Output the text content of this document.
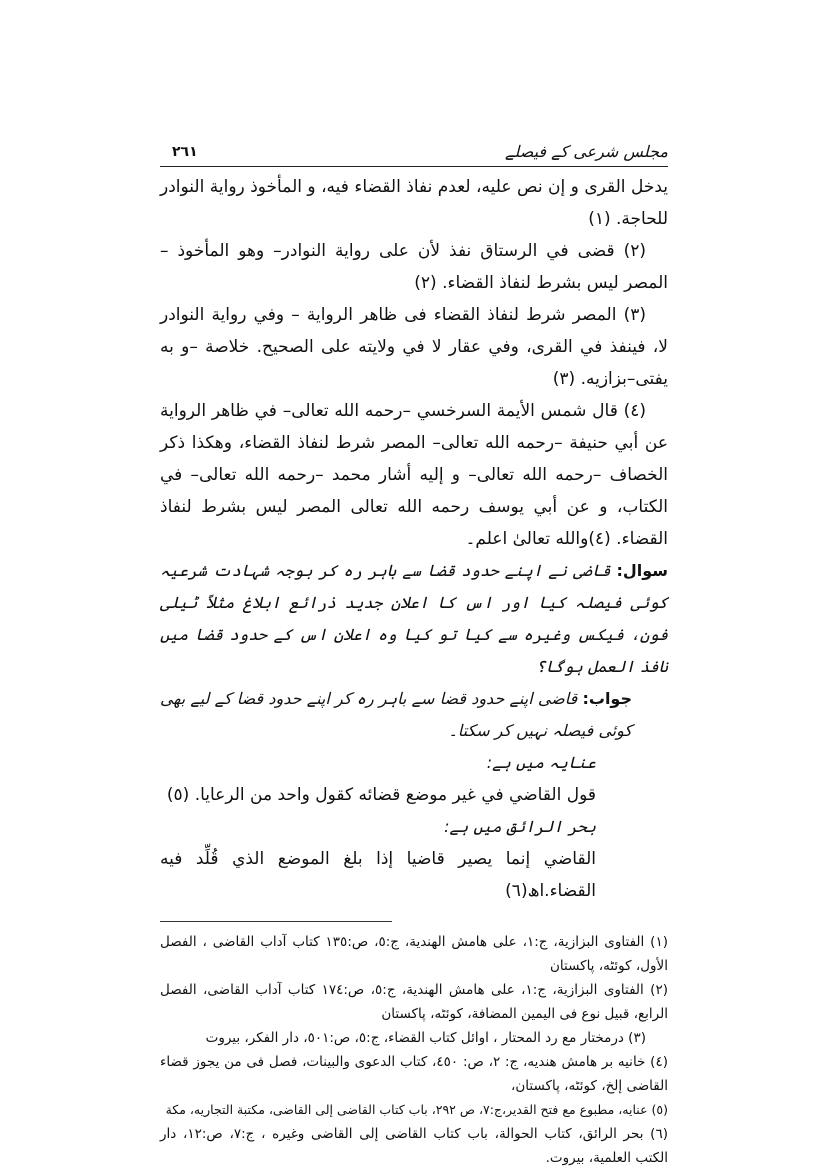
مجلس شرعی کے فیصلے
٢٦١

يدخل القرى و إن نص عليه، لعدم نفاذ القضاء فيه، و المأخوذ رواية النوادر للحاجة. (١)

(٢) قضى في الرستاق نفذ لأن على رواية النوادر– وهو المأخوذ – المصر ليس بشرط لنفاذ القضاء. (٢)

(٣) المصر شرط لنفاذ القضاء فى ظاهر الرواية – وفي رواية النوادر لا، فينفذ في القرى، وفي عقار لا في ولايته على الصحيح. خلاصة –و به يفتى–بزازيه. (٣)

(٤) قال شمس الأيمة السرخسي –رحمه الله تعالى– في ظاهر الرواية عن أبي حنيفة –رحمه الله تعالى– المصر شرط لنفاذ القضاء، وهكذا ذكر الخصاف –رحمه الله تعالى– و إليه أشار محمد –رحمه الله تعالى– في الكتاب، و عن أبي يوسف رحمه الله تعالى المصر ليس بشرط لنفاذ القضاء. (٤)والله تعالیٰ اعلم۔

سوال: قاضی نے اپنے حدود قضا سے باہر رہ کر بوجہ شہادت شرعیہ کوئی فیصلہ کیا اور اس کا اعلان جدید ذرائع ابلاغ مثلاً ٹیلی فون، فیکس وغیرہ سے کیا تو کیا وہ اعلان اس کے حدود قضا میں نافذ العمل ہوگا؟

جواب: قاضی اپنے حدود قضا سے باہر رہ کر اپنے حدود قضا کے لیے بھی کوئی فیصلہ نہیں کر سکتا۔

عنایہ میں ہے:

قول القاضي في غير موضع قضائه كقول واحد من الرعايا. (٥)

بحر الرائق میں ہے:

القاضي إنما يصير قاضيا إذا بلغ الموضع الذي قُلِّد فيه القضاء.اھ(٦)

(١) الفتاوى البزازية، ج:١، على هامش الهندية، ج:٥، ص:١٣٥ كتاب آداب القاضى ، الفصل الأول، كوئٹه، پاكستان

(٢) الفتاوى البزازية، ج:١، على هامش الهندية، ج:٥، ص:١٧٤ كتاب آداب القاضى، الفصل الرابع، قبيل نوع فى اليمين المضافة، كوئٹه، پاكستان

(٣) درمختار مع رد المحتار ، اوائل كتاب القضاء، ج:٥، ص:٥٠١، دار الفكر، بيروت

(٤) خانيه بر هامش هنديه، ج: ٢، ص: ٤٥٠، كتاب الدعوى والبينات، فصل فى من يجوز قضاء القاضى إلخ، كوئٹه، پاكستان،

(٥) عنايه، مطبوع مع فتح القدير،ج:٧، ص ٢٩٢، باب كتاب القاضى إلى القاضى، مكتبة التجاريه، مكة

(٦) بحر الرائق، كتاب الحوالة، باب كتاب القاضى إلى القاضى وغيره ، ج:٧، ص:١٢، دار الكتب العلمية، بيروت.
